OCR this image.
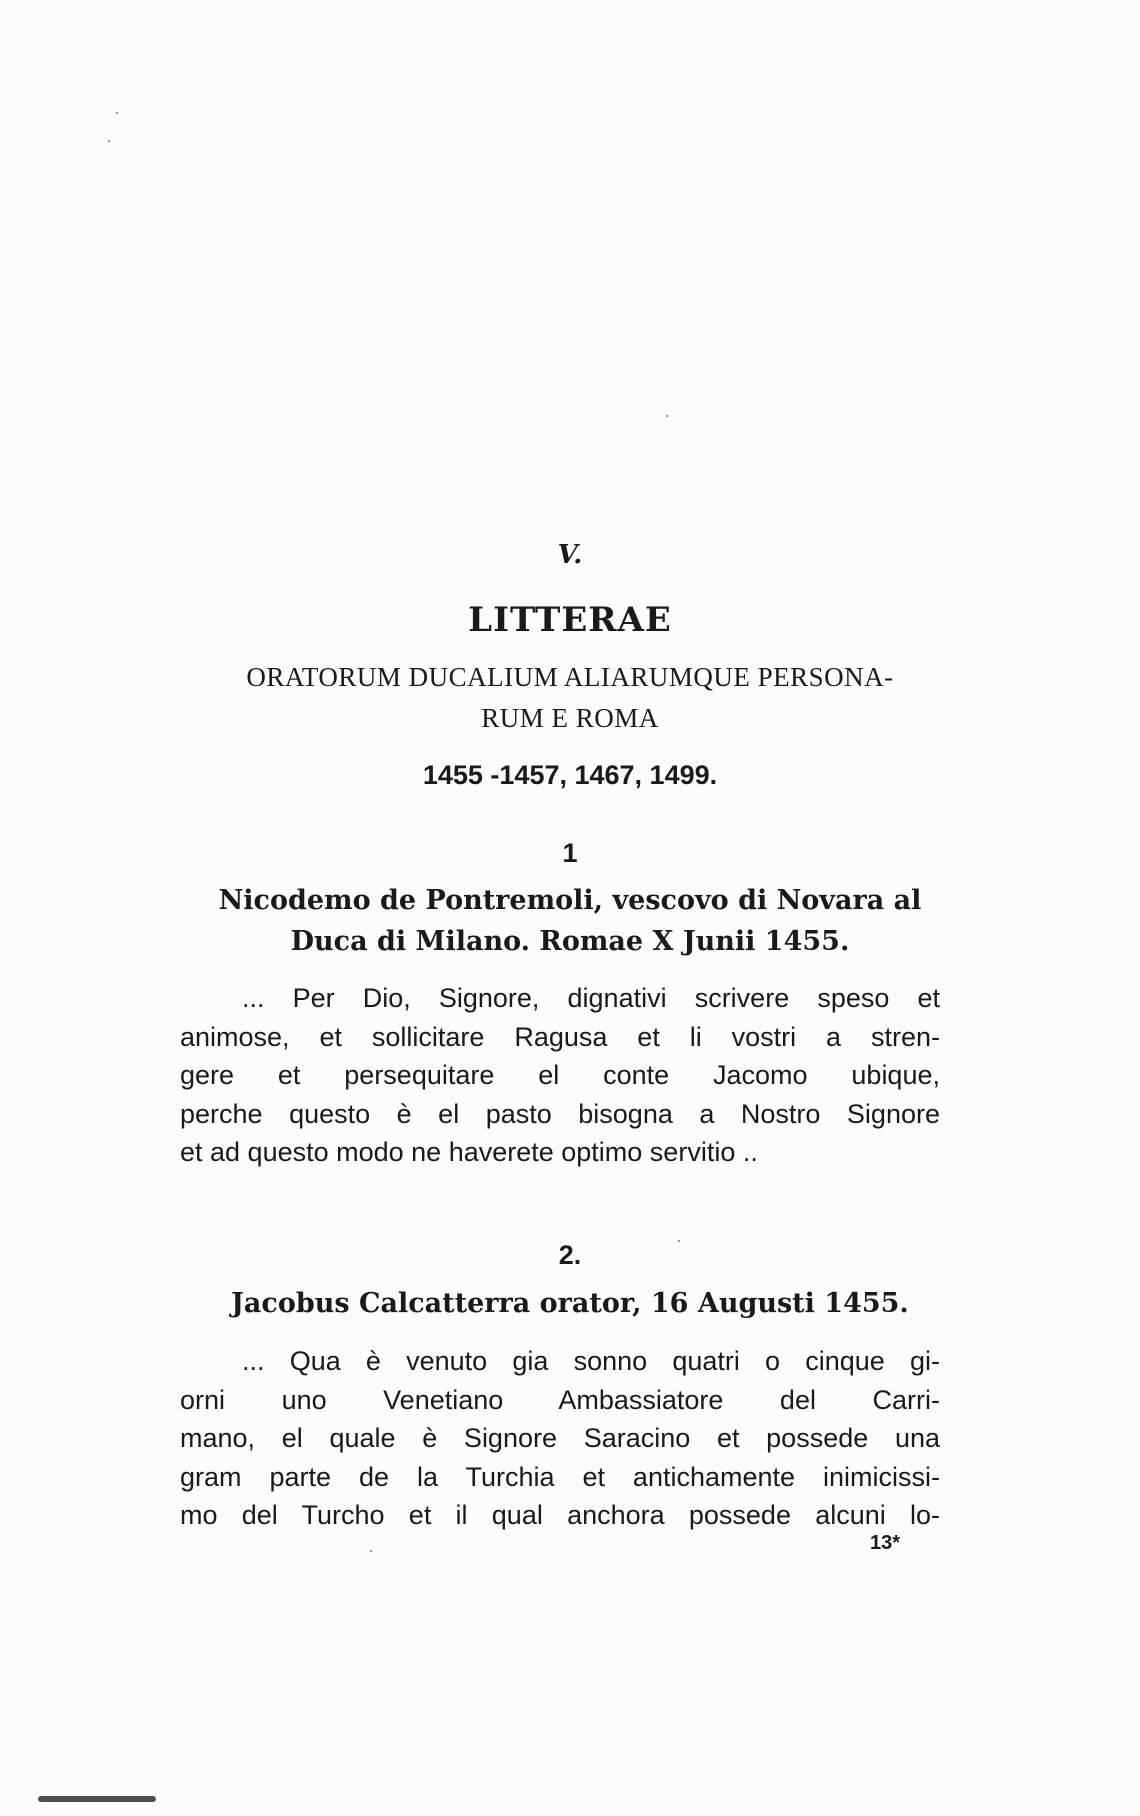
V.
LITTERAE
ORATORUM DUCALIUM ALIARUMQUE PERSONA-
RUM E ROMA
1455 -1457, 1467, 1499.
1
Nicodemo de Pontremoli, vescovo di Novara al
Duca di Milano. Romae X Junii 1455.
... Per Dio, Signore, dignativi scrivere speso et
animose, et sollicitare Ragusa et li vostri a stren-
gere et persequitare el conte Jacomo ubique,
perche questo è el pasto bisogna a Nostro Signore
et ad questo modo ne haverete optimo servitio ..
2.
Jacobus Calcatterra orator, 16 Augusti 1455.
... Qua è venuto gia sonno quatri o cinque gi-
orni uno Venetiano Ambassiatore del Carri-
mano, el quale è Signore Saracino et possede una
gram parte de la Turchia et antichamente inimicissi-
mo del Turcho et il qual anchora possede alcuni lo-
13*
